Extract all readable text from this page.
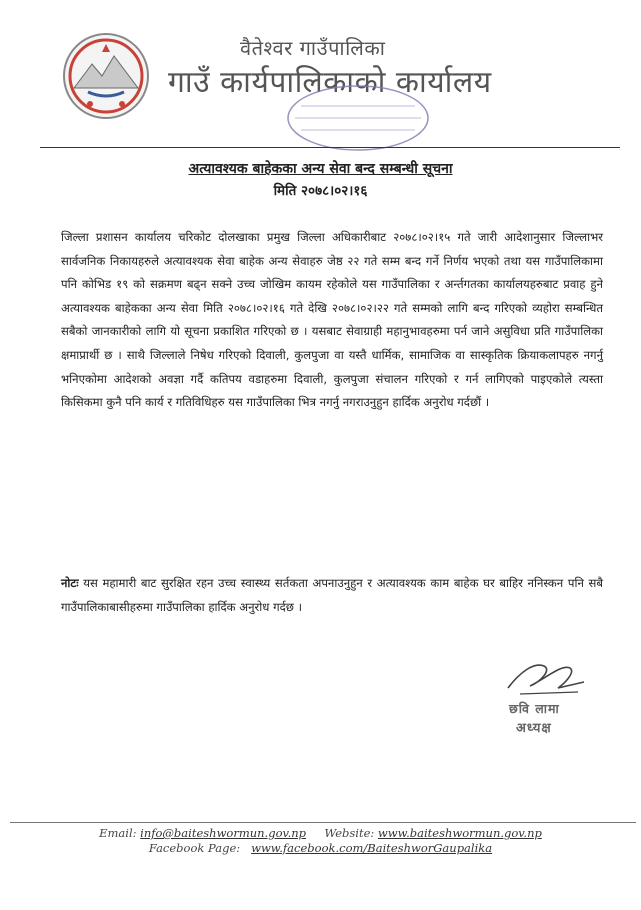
वैतेश्वर गाउँपालिका
गाउँ कार्यपालिकाको कार्यालय
अत्यावश्यक बाहेकका अन्य सेवा बन्द सम्बन्धी सूचना
मिति २०७८।०२।१६

जिल्ला प्रशासन कार्यालय चरिकोट दोलखाका प्रमुख जिल्ला अधिकारीबाट २०७८।०२।१५ गते जारी आदेशानुसार जिल्लाभर सार्वजनिक निकायहरुले अत्यावश्यक सेवा बाहेक अन्य सेवाहरु जेष्ठ २२ गते सम्म बन्द गर्ने निर्णय भएको तथा यस गाउँपालिकामा पनि कोभिड १९ को सक्रमण बढ्न सक्ने उच्च जोखिम कायम रहेकोले यस गाउँपालिका र अर्न्तगतका कार्यालयहरुबाट प्रवाह हुने अत्यावश्यक बाहेकका अन्य सेवा मिति २०७८।०२।१६ गते देखि २०७८।०२।२२ गते सम्मको लागि बन्द गरिएको व्यहोरा सम्बन्धित सबैको जानकारीको लागि यो सूचना प्रकाशित गरिएको छ । यसबाट सेवाग्राही महानुभावहरुमा पर्न जाने असुविधा प्रति गाउँपालिका क्षमाप्रार्थी छ । साथै जिल्लाले निषेध गरिएको दिवाली, कुलपुजा वा यस्तै धार्मिक, सामाजिक वा सास्कृतिक क्रियाकलापहरु नगर्नु भनिएकोमा आदेशको अवज्ञा गर्दै कतिपय वडाहरुमा दिवाली, कुलपुजा संचालन गरिएको र गर्न लागिएको पाइएकोले त्यस्ता किसिकमा कुनै पनि कार्य र गतिविधिहरु यस गाउँपालिका भित्र नगर्नु नगराउनुहुन हार्दिक अनुरोध गर्दछौं ।

नोटः यस महामारी बाट सुरक्षित रहन उच्च स्वास्थ्य सर्तकता अपनाउनुहुन र अत्यावश्यक काम बाहेक घर बाहिर ननिस्कन पनि सबै गाउँपालिकाबासीहरुमा गाउँपालिका हार्दिक अनुरोध गर्दछ ।

छवि लामा
अध्यक्ष
Email: info@baiteshwormun.gov.np Website: www.baiteshwormun.gov.np
Facebook Page: www.facebook.com/BaiteshworGaupalika
